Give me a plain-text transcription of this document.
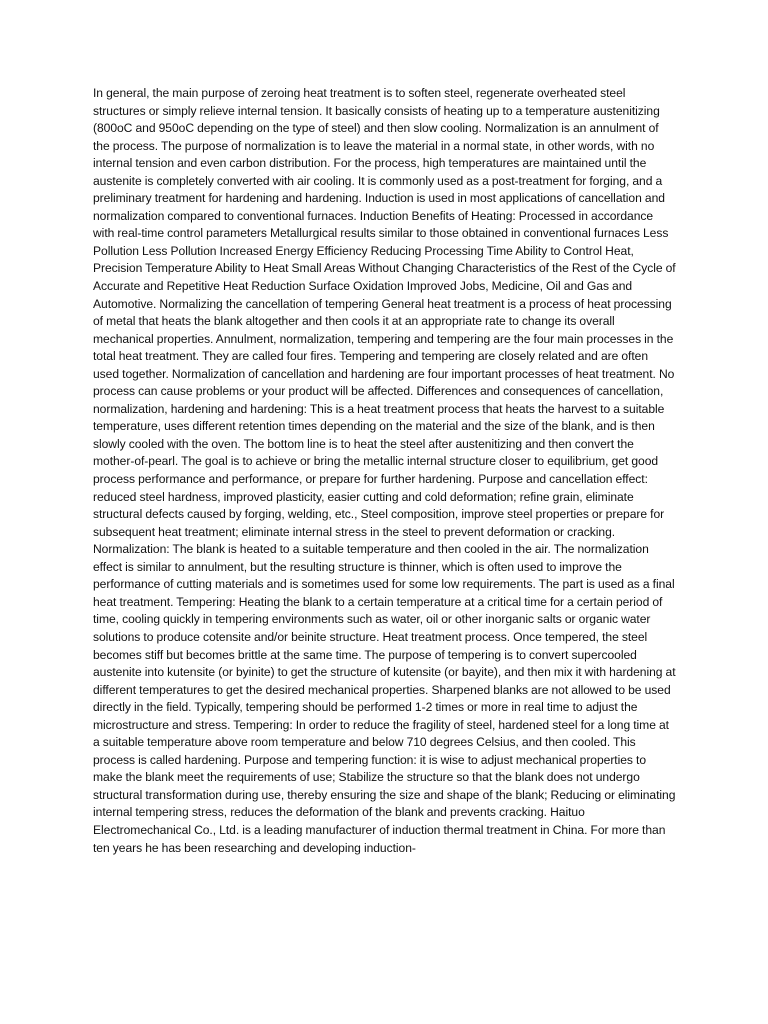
In general, the main purpose of zeroing heat treatment is to soften steel, regenerate overheated steel structures or simply relieve internal tension. It basically consists of heating up to a temperature austenitizing (800oC and 950oC depending on the type of steel) and then slow cooling. Normalization is an annulment of the process. The purpose of normalization is to leave the material in a normal state, in other words, with no internal tension and even carbon distribution. For the process, high temperatures are maintained until the austenite is completely converted with air cooling. It is commonly used as a post-treatment for forging, and a preliminary treatment for hardening and hardening. Induction is used in most applications of cancellation and normalization compared to conventional furnaces. Induction Benefits of Heating: Processed in accordance with real-time control parameters Metallurgical results similar to those obtained in conventional furnaces Less Pollution Less Pollution Increased Energy Efficiency Reducing Processing Time Ability to Control Heat, Precision Temperature Ability to Heat Small Areas Without Changing Characteristics of the Rest of the Cycle of Accurate and Repetitive Heat Reduction Surface Oxidation Improved Jobs, Medicine, Oil and Gas and Automotive. Normalizing the cancellation of tempering General heat treatment is a process of heat processing of metal that heats the blank altogether and then cools it at an appropriate rate to change its overall mechanical properties. Annulment, normalization, tempering and tempering are the four main processes in the total heat treatment. They are called four fires. Tempering and tempering are closely related and are often used together. Normalization of cancellation and hardening are four important processes of heat treatment. No process can cause problems or your product will be affected. Differences and consequences of cancellation, normalization, hardening and hardening: This is a heat treatment process that heats the harvest to a suitable temperature, uses different retention times depending on the material and the size of the blank, and is then slowly cooled with the oven. The bottom line is to heat the steel after austenitizing and then convert the mother-of-pearl. The goal is to achieve or bring the metallic internal structure closer to equilibrium, get good process performance and performance, or prepare for further hardening. Purpose and cancellation effect: reduced steel hardness, improved plasticity, easier cutting and cold deformation; refine grain, eliminate structural defects caused by forging, welding, etc., Steel composition, improve steel properties or prepare for subsequent heat treatment; eliminate internal stress in the steel to prevent deformation or cracking. Normalization: The blank is heated to a suitable temperature and then cooled in the air. The normalization effect is similar to annulment, but the resulting structure is thinner, which is often used to improve the performance of cutting materials and is sometimes used for some low requirements. The part is used as a final heat treatment. Tempering: Heating the blank to a certain temperature at a critical time for a certain period of time, cooling quickly in tempering environments such as water, oil or other inorganic salts or organic water solutions to produce cotensite and/or beinite structure. Heat treatment process. Once tempered, the steel becomes stiff but becomes brittle at the same time. The purpose of tempering is to convert supercooled austenite into kutensite (or byinite) to get the structure of kutensite (or bayite), and then mix it with hardening at different temperatures to get the desired mechanical properties. Sharpened blanks are not allowed to be used directly in the field. Typically, tempering should be performed 1-2 times or more in real time to adjust the microstructure and stress. Tempering: In order to reduce the fragility of steel, hardened steel for a long time at a suitable temperature above room temperature and below 710 degrees Celsius, and then cooled. This process is called hardening. Purpose and tempering function: it is wise to adjust mechanical properties to make the blank meet the requirements of use; Stabilize the structure so that the blank does not undergo structural transformation during use, thereby ensuring the size and shape of the blank; Reducing or eliminating internal tempering stress, reduces the deformation of the blank and prevents cracking. Haituo Electromechanical Co., Ltd. is a leading manufacturer of induction thermal treatment in China. For more than ten years he has been researching and developing induction-
